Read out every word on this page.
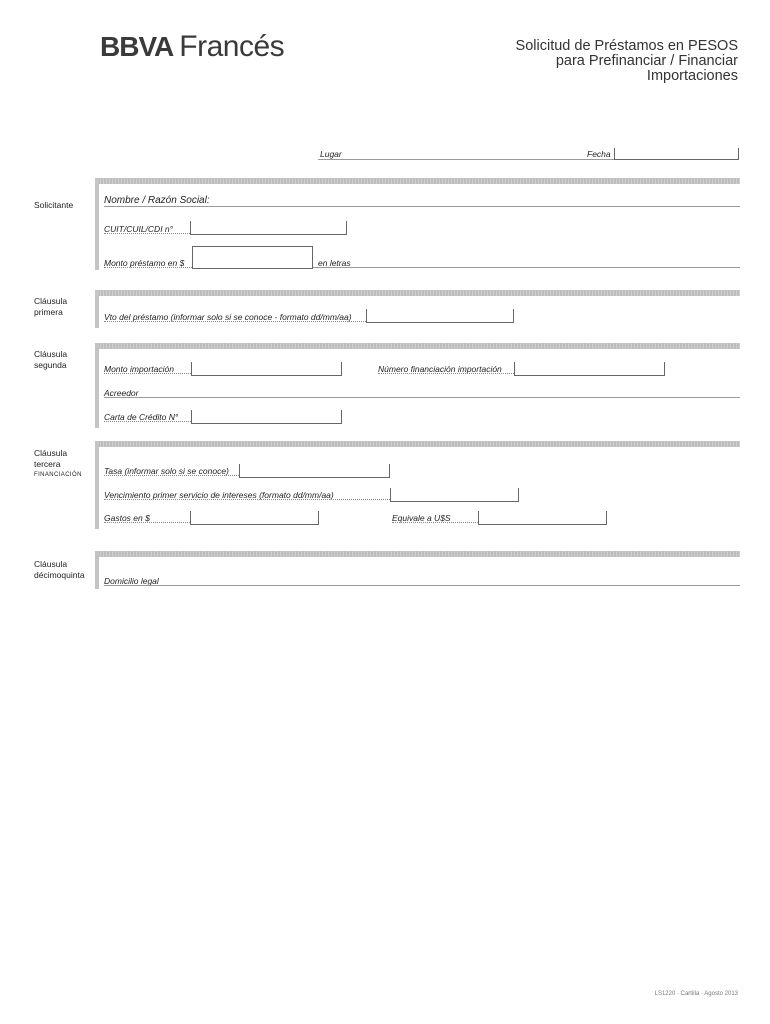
BBVA Francés	Solicitud de Préstamos en PESOS
para Prefinanciar / Financiar
Importaciones
Lugar	Fecha
Solicitante	Nombre / Razón Social:
CUIT/CUIL/CDI n°
Monto préstamo en $	en letras
Cláusula
primera	Vto del préstamo (informar solo si se conoce - formato dd/mm/aa)
Cláusula
segunda	Monto importación	Número financiación importación
Acreedor
Carta de Crédito N°
Cláusula
tercera
FINANCIACIÓN	Tasa (informar solo si se conoce)
Vencimiento primer servicio de intereses (formato dd/mm/aa)
Gastos en $	Equivale a U$S
Cláusula
décimoquinta
Domicilio legal
LS1220 · Cartilla · Agosto 2013
